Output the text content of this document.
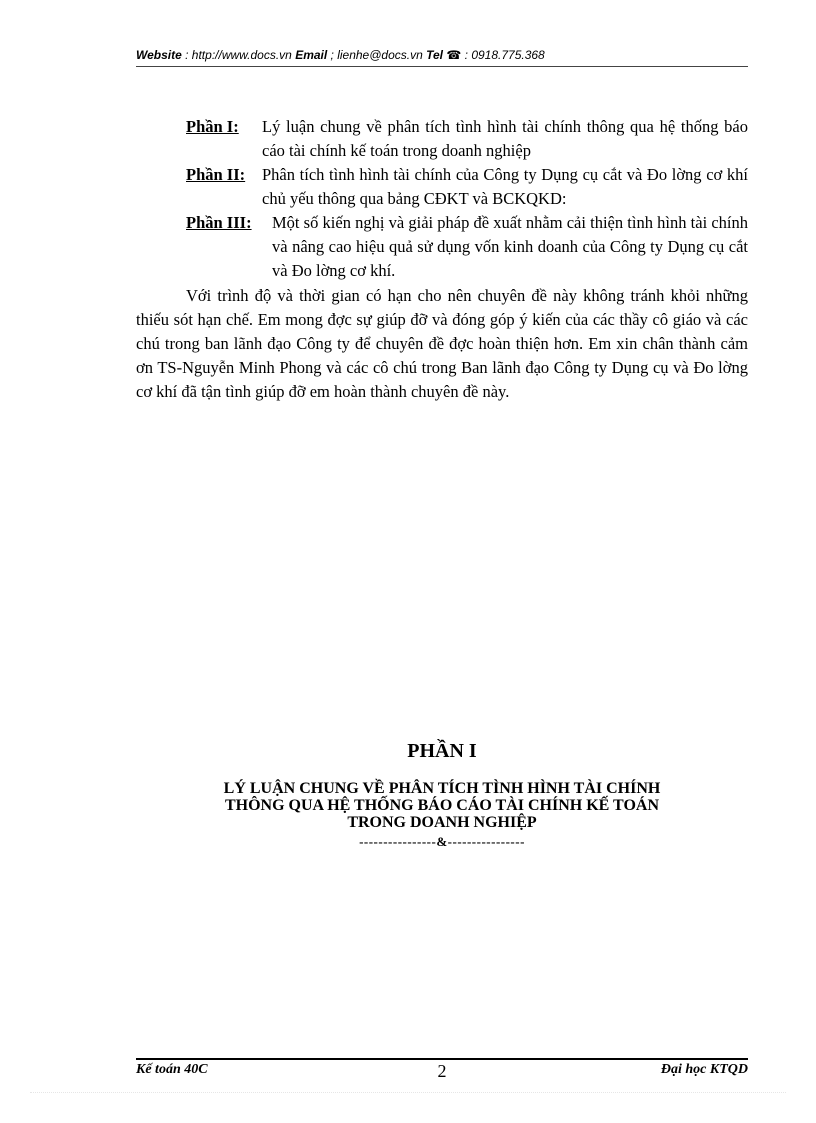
Website : http://www.docs.vn Email ; lienhe@docs.vn Tel ☎ : 0918.775.368
Phần I:	Lý luận chung về phân tích tình hình tài chính thông qua hệ thống báo cáo tài chính kế toán trong doanh nghiệp
Phần II:	Phân tích tình hình tài chính của Công ty Dụng cụ cắt và Đo lờng cơ khí chủ yếu thông qua bảng CĐKT và BCKQKD:
Phần III:	Một số kiến nghị và giải pháp đề xuất nhằm cải thiện tình hình tài chính và nâng cao hiệu quả sử dụng vốn kinh doanh của Công ty Dụng cụ cắt và Đo lờng cơ khí.
Với trình độ và thời gian có hạn cho nên chuyên đề này không tránh khỏi những thiếu sót hạn chế. Em mong đợc sự giúp đỡ và đóng góp ý kiến của các thầy cô giáo và các chú trong ban lãnh đạo Công ty để chuyên đề đợc hoàn thiện hơn. Em xin chân thành cảm ơn TS-Nguyễn Minh Phong và các cô chú trong Ban lãnh đạo Công ty Dụng cụ và Đo lờng cơ khí đã tận tình giúp đỡ em hoàn thành chuyên đề này.
PHẦN I
LÝ LUẬN CHUNG VỀ PHÂN TÍCH TÌNH HÌNH TÀI CHÍNH THÔNG QUA HỆ THỐNG BÁO CÁO TÀI CHÍNH KẾ TOÁN TRONG DOANH NGHIỆP
----------------&----------------
Kế toán 40C	2	Đại học KTQD
